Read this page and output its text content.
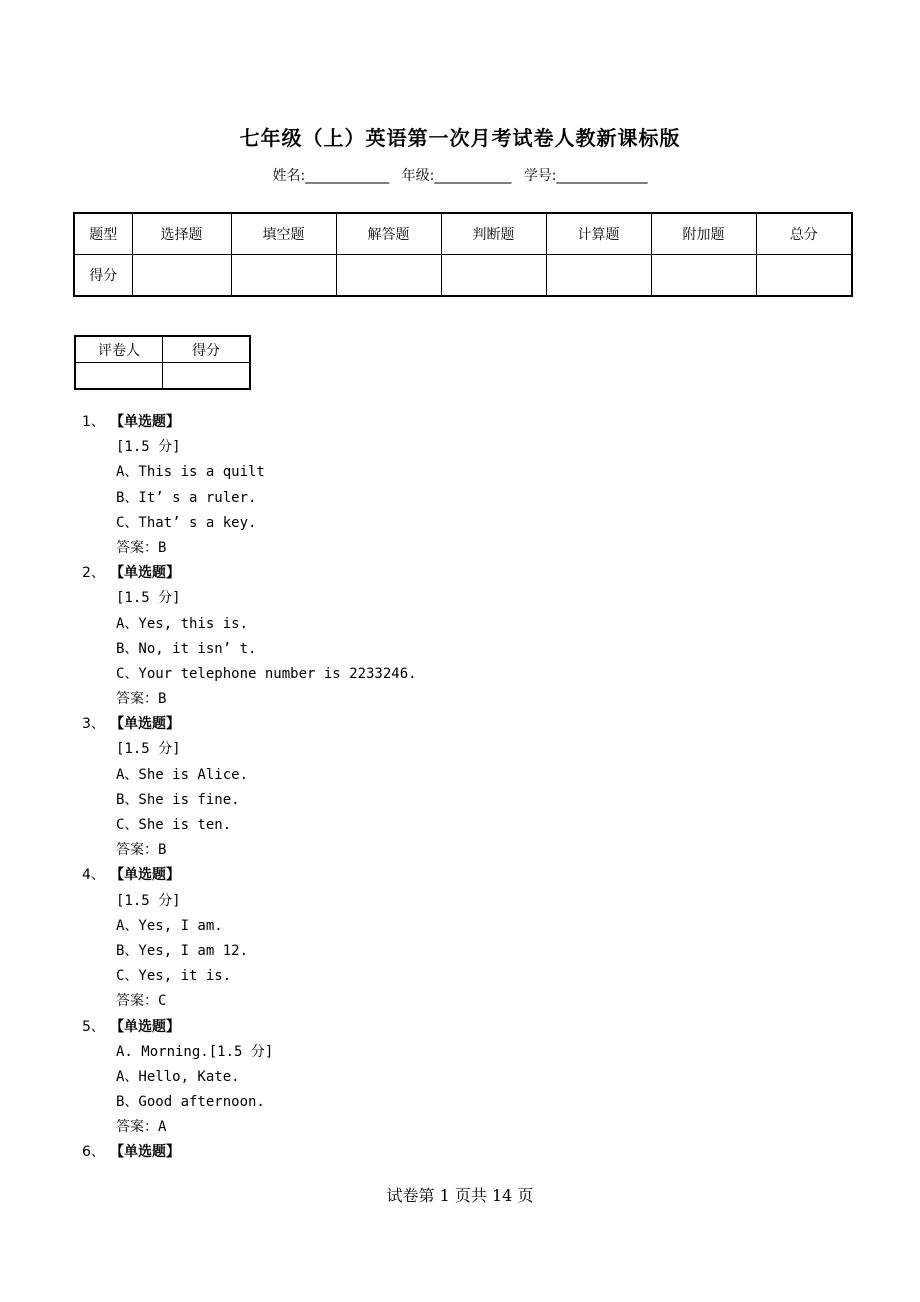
七年级（上）英语第一次月考试卷人教新课标版
姓名:____________ 年级:___________ 学号:_____________
题型	选择题	填空题	解答题	判断题	计算题	附加题	总分
得分							
评卷人	得分

1、 【单选题】
[1.5 分]
A、This is a quilt
B、It’ s a ruler.
C、That’ s a key.
答案：B
2、 【单选题】
[1.5 分]
A、Yes, this is.
B、No, it isn’ t.
C、Your telephone number is 2233246.
答案：B
3、 【单选题】
[1.5 分]
A、She is Alice.
B、She is fine.
C、She is ten.
答案：B
4、 【单选题】
[1.5 分]
A、Yes, I am.
B、Yes, I am 12.
C、Yes, it is.
答案：C
5、 【单选题】
A. Morning.[1.5 分]
A、Hello, Kate.
B、Good afternoon.
答案：A
6、 【单选题】
试卷第 1 页共 14 页
